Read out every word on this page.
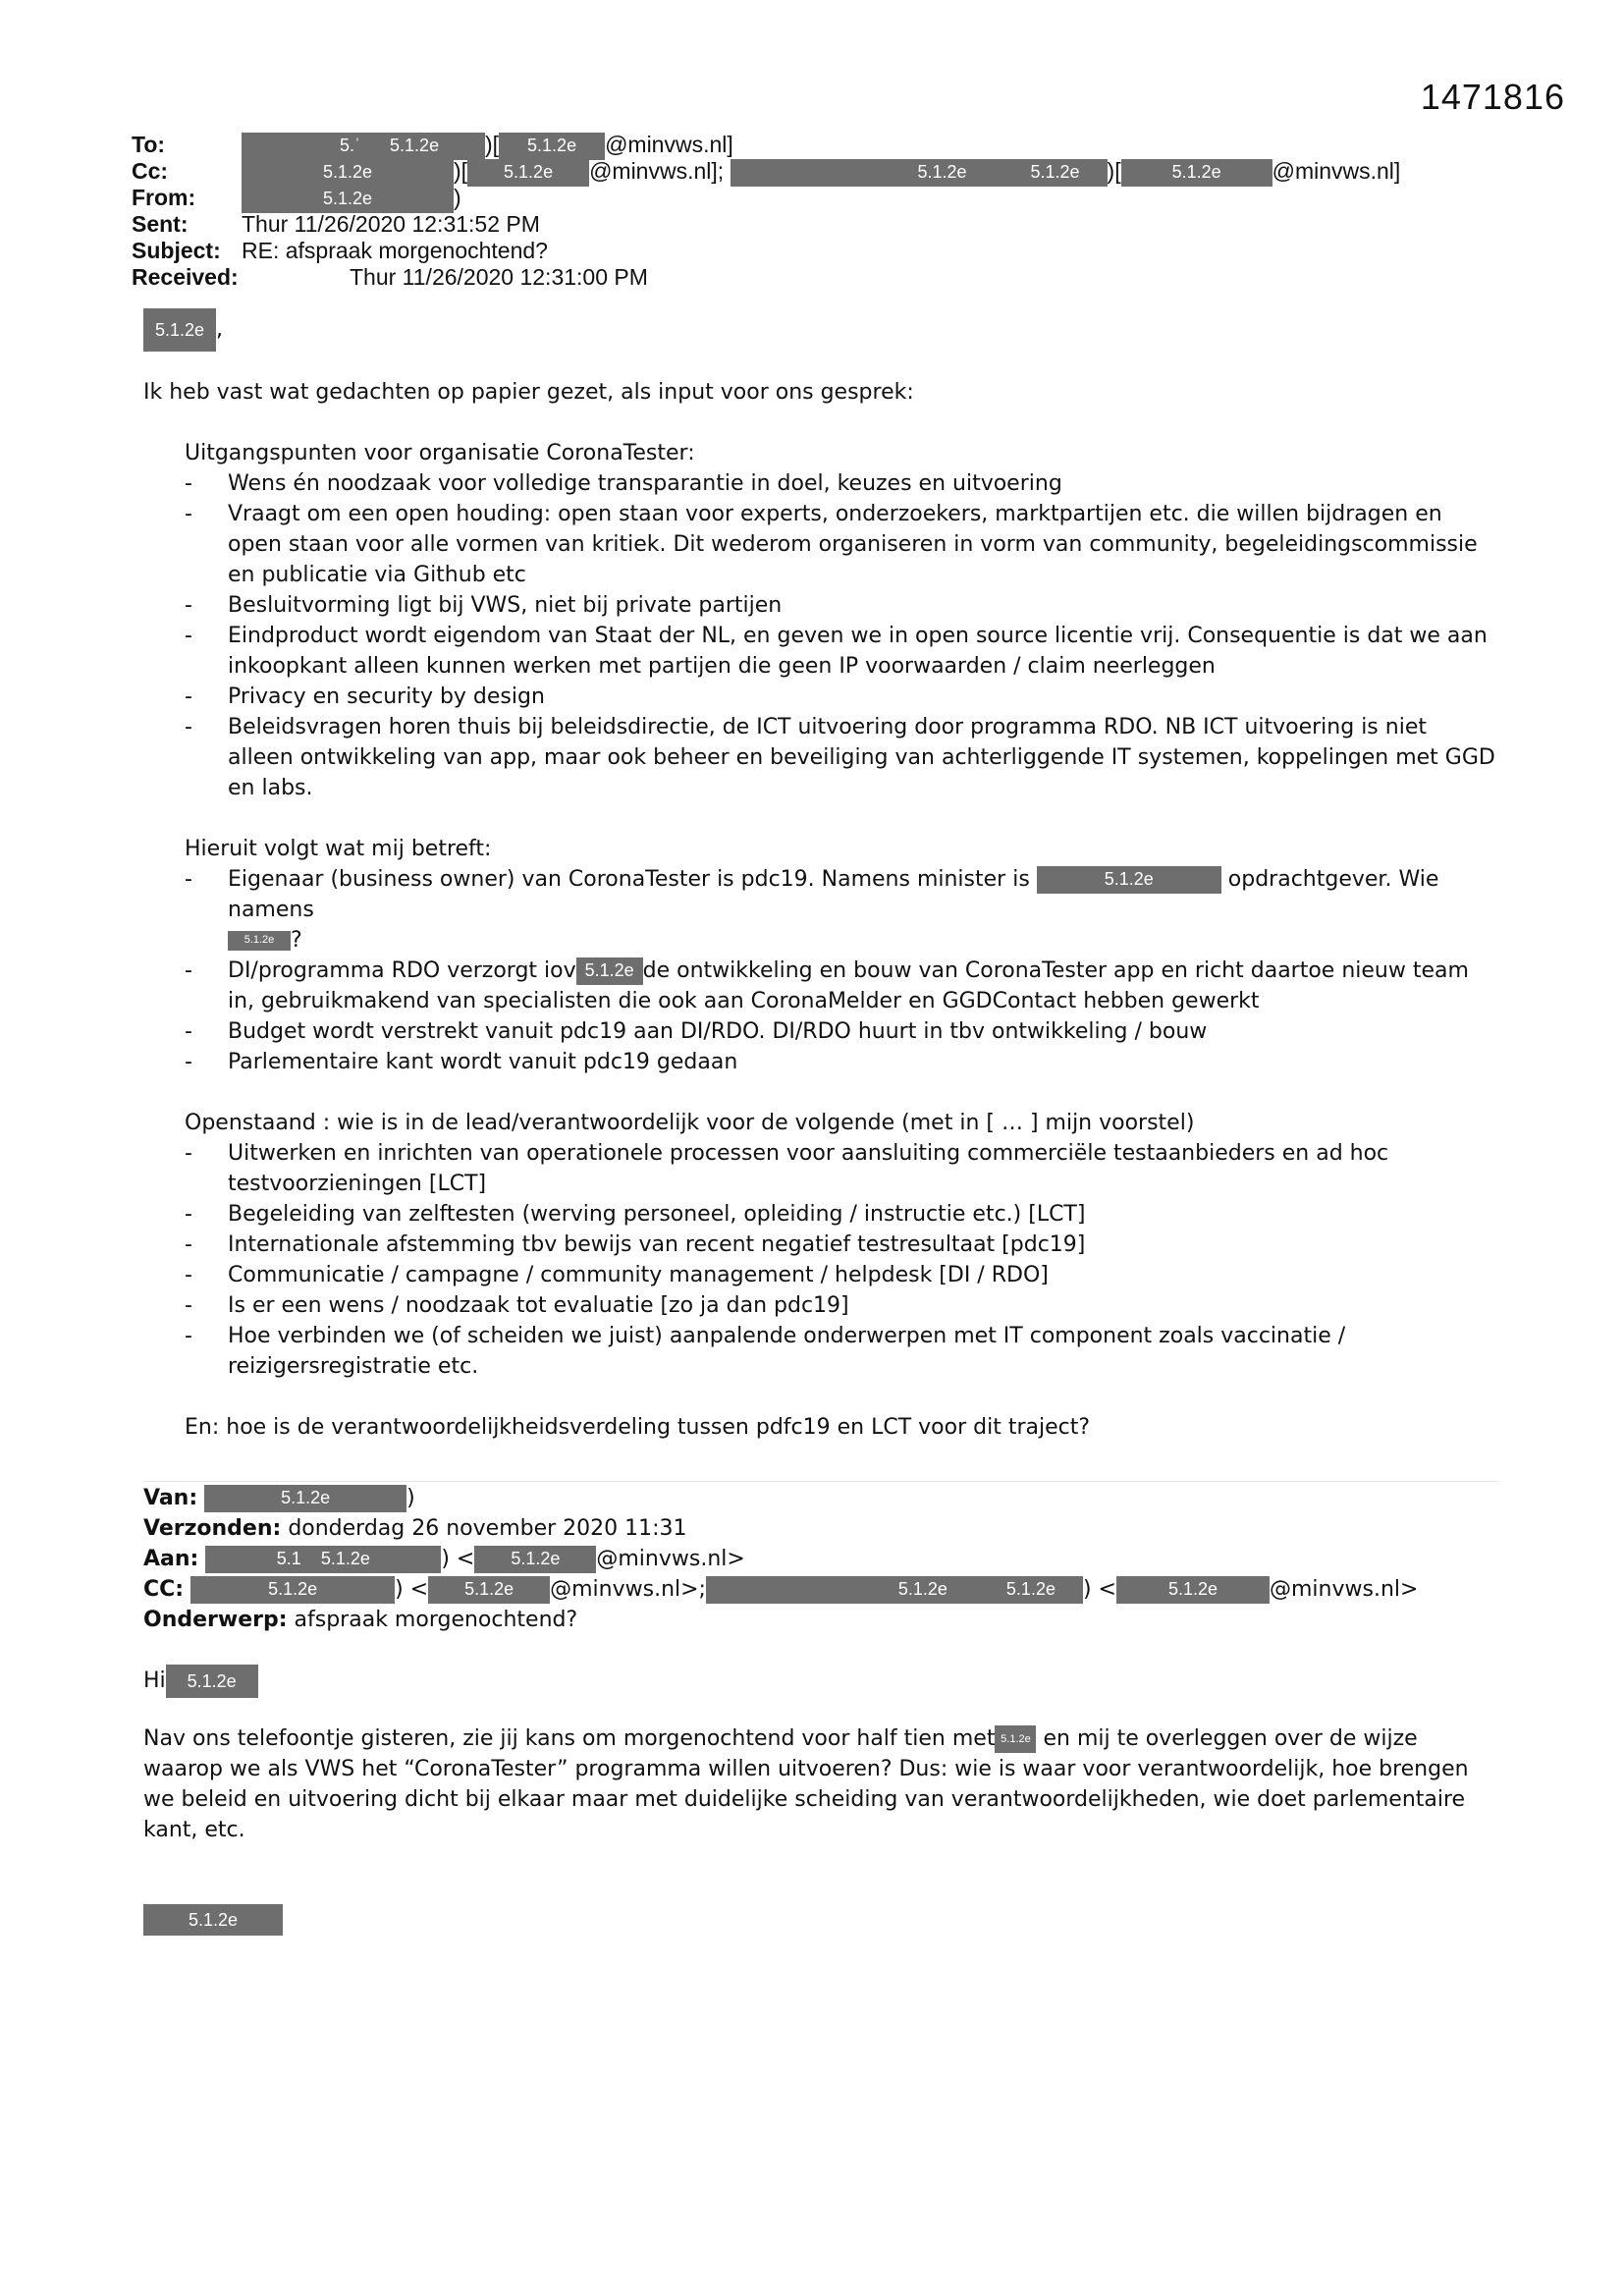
1471816
To:	5.ˈ 5.1.2e )[ 5.1.2e @minvws.nl]
Cc:	5.1.2e	)[ 5.1.2e @minvws.nl];	5.1.2e	5.1.2e )[	5.1.2e @minvws.nl]
From:	5.1.2e	)
Sent: Thur 11/26/2020 12:31:52 PM
Subject: RE: afspraak morgenochtend?
Received:	Thur 11/26/2020 12:31:00 PM
5.1.2e ,

Ik heb vast wat gedachten op papier gezet, als input voor ons gesprek:

Uitgangspunten voor organisatie CoronaTester:
- Wens én noodzaak voor volledige transparantie in doel, keuzes en uitvoering
- Vraagt om een open houding: open staan voor experts, onderzoekers, marktpartijen etc. die willen bijdragen en open staan voor alle vormen van kritiek. Dit wederom organiseren in vorm van community, begeleidingscommissie en publicatie via Github etc
- Besluitvorming ligt bij VWS, niet bij private partijen
- Eindproduct wordt eigendom van Staat der NL, en geven we in open source licentie vrij. Consequentie is dat we aan inkoopkant alleen kunnen werken met partijen die geen IP voorwaarden / claim neerleggen
- Privacy en security by design
- Beleidsvragen horen thuis bij beleidsdirectie, de ICT uitvoering door programma RDO. NB ICT uitvoering is niet alleen ontwikkeling van app, maar ook beheer en beveiliging van achterliggende IT systemen, koppelingen met GGD en labs.
Hieruit volgt wat mij betreft:
- Eigenaar (business owner) van CoronaTester is pdc19. Namens minister is	5.1.2e	opdrachtgever. Wie namens
5.1.2e ?
- DI/programma RDO verzorgt iov 5.1.2e de ontwikkeling en bouw van CoronaTester app en richt daartoe nieuw team in, gebruikmakend van specialisten die ook aan CoronaMelder en GGDContact hebben gewerkt
- Budget wordt verstrekt vanuit pdc19 aan DI/RDO. DI/RDO huurt in tbv ontwikkeling / bouw
- Parlementaire kant wordt vanuit pdc19 gedaan
Openstaand : wie is in de lead/verantwoordelijk voor de volgende (met in [ … ] mijn voorstel)
- Uitwerken en inrichten van operationele processen voor aansluiting commerciële testaanbieders en ad hoc testvoorzieningen [LCT]
- Begeleiding van zelftesten (werving personeel, opleiding / instructie etc.) [LCT]
- Internationale afstemming tbv bewijs van recent negatief testresultaat [pdc19]
- Communicatie / campagne / community management / helpdesk [DI / RDO]
- Is er een wens / noodzaak tot evaluatie [zo ja dan pdc19]
- Hoe verbinden we (of scheiden we juist) aanpalende onderwerpen met IT component zoals vaccinatie / reizigersregistratie etc.
En: hoe is de verantwoordelijkheidsverdeling tussen pdfc19 en LCT voor dit traject?
Van:	5.1.2e	)
Verzonden: donderdag 26 november 2020 11:31
Aan:	5.1 5.1.2e	) < 5.1.2e @minvws.nl>
CC:	5.1.2e	) < 5.1.2e @minvws.nl>;	5.1.2e	5.1.2e ) <	5.1.2e @minvws.nl>
Onderwerp: afspraak morgenochtend?
Hi 5.1.2e

Nav ons telefoontje gisteren, zie jij kans om morgenochtend voor half tien met 5.1.2e en mij te overleggen over de wijze waarop we als VWS het “CoronaTester” programma willen uitvoeren? Dus: wie is waar voor verantwoordelijk, hoe brengen we beleid en uitvoering dicht bij elkaar maar met duidelijke scheiding van verantwoordelijkheden, wie doet parlementaire kant, etc.

5.1.2e
